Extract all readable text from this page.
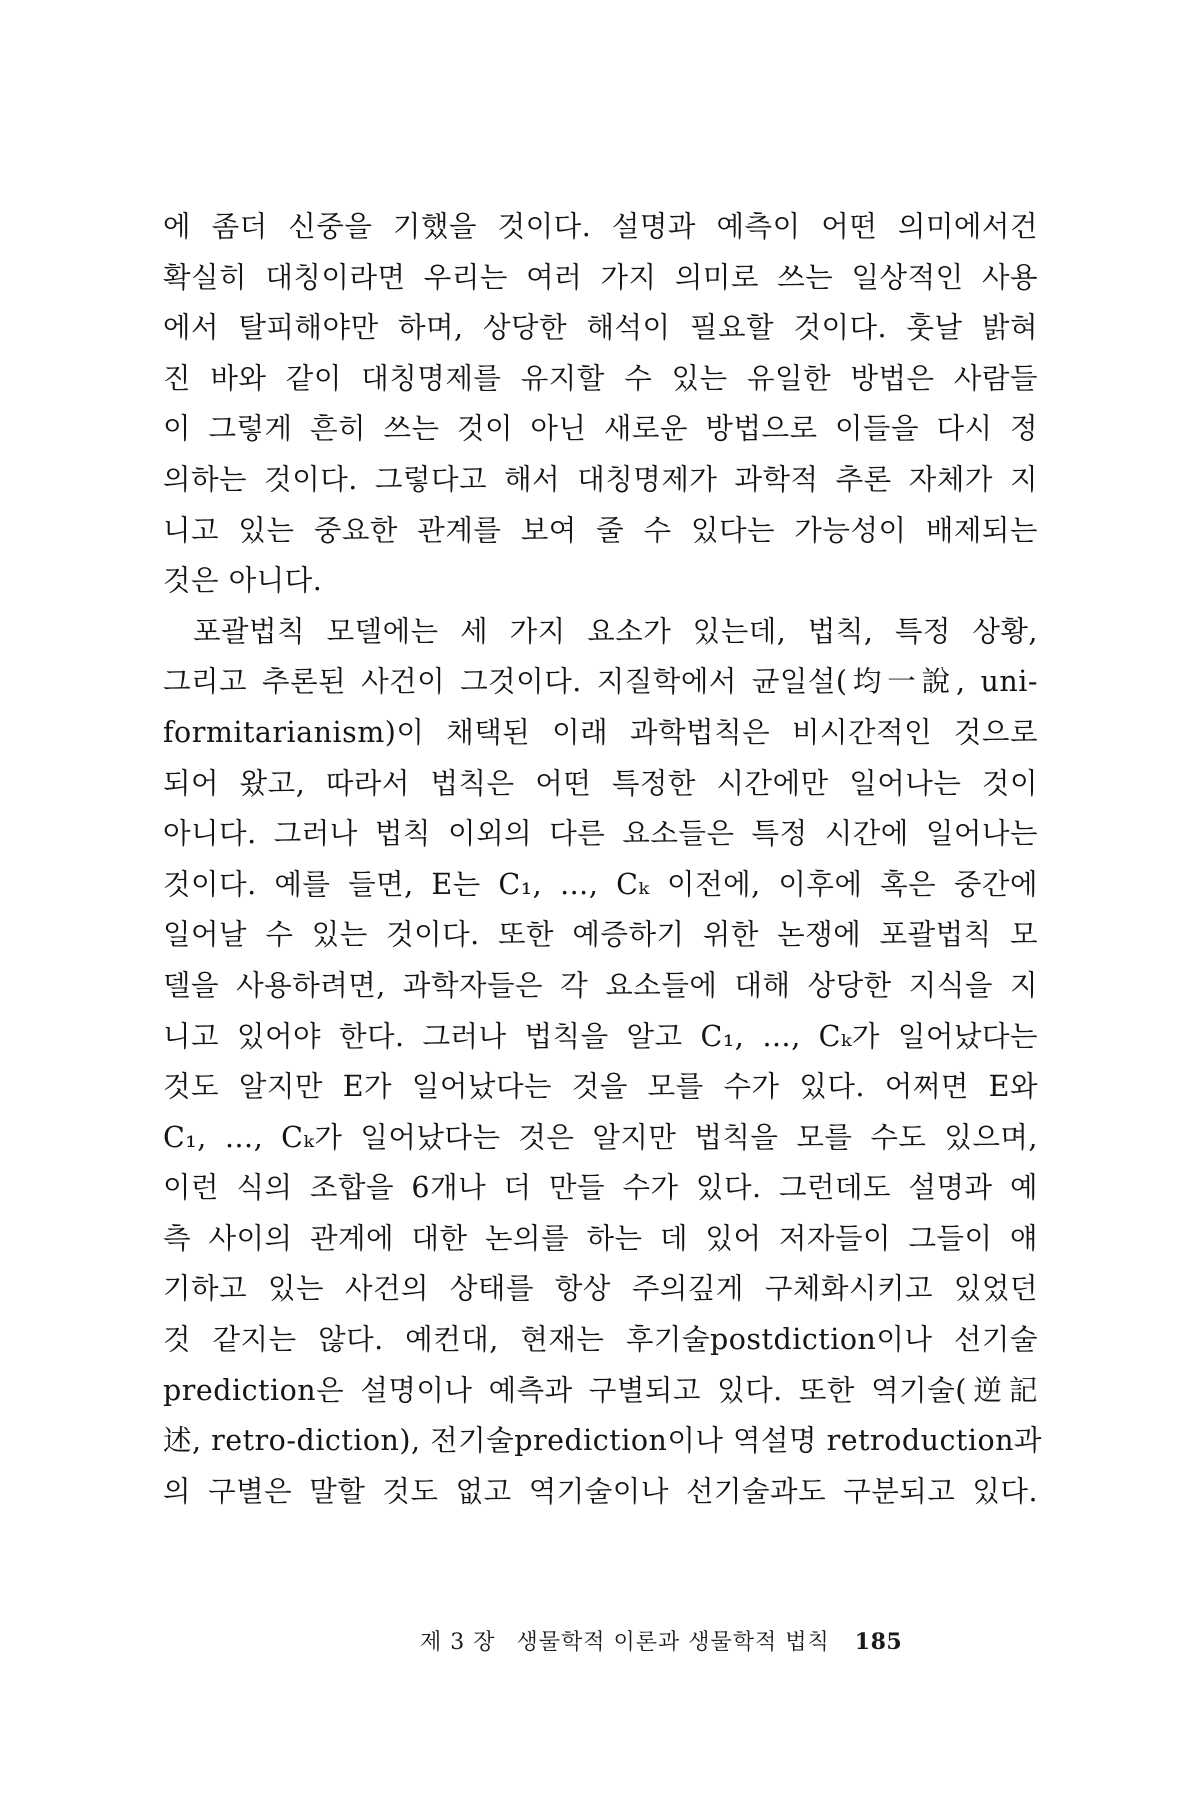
에 좀더 신중을 기했을 것이다. 설명과 예측이 어떤 의미에서건
확실히 대칭이라면 우리는 여러 가지 의미로 쓰는 일상적인 사용
에서 탈피해야만 하며, 상당한 해석이 필요할 것이다. 훗날 밝혀
진 바와 같이 대칭명제를 유지할 수 있는 유일한 방법은 사람들
이 그렇게 흔히 쓰는 것이 아닌 새로운 방법으로 이들을 다시 정
의하는 것이다. 그렇다고 해서 대칭명제가 과학적 추론 자체가 지
니고 있는 중요한 관계를 보여 줄 수 있다는 가능성이 배제되는
것은 아니다.
포괄법칙 모델에는 세 가지 요소가 있는데, 법칙, 특정 상황,
그리고 추론된 사건이 그것이다. 지질학에서 균일설(均一說, uni-
formitarianism)이 채택된 이래 과학법칙은 비시간적인 것으로
되어 왔고, 따라서 법칙은 어떤 특정한 시간에만 일어나는 것이
아니다. 그러나 법칙 이외의 다른 요소들은 특정 시간에 일어나는
것이다. 예를 들면, E는 C₁, …, Cₖ 이전에, 이후에 혹은 중간에
일어날 수 있는 것이다. 또한 예증하기 위한 논쟁에 포괄법칙 모
델을 사용하려면, 과학자들은 각 요소들에 대해 상당한 지식을 지
니고 있어야 한다. 그러나 법칙을 알고 C₁, …, Cₖ가 일어났다는
것도 알지만 E가 일어났다는 것을 모를 수가 있다. 어쩌면 E와
C₁, …, Cₖ가 일어났다는 것은 알지만 법칙을 모를 수도 있으며,
이런 식의 조합을 6개나 더 만들 수가 있다. 그런데도 설명과 예
측 사이의 관계에 대한 논의를 하는 데 있어 저자들이 그들이 얘
기하고 있는 사건의 상태를 항상 주의깊게 구체화시키고 있었던
것 같지는 않다. 예컨대, 현재는 후기술postdiction이나 선기술
prediction은 설명이나 예측과 구별되고 있다. 또한 역기술(逆記
述, retro-diction), 전기술prediction이나 역설명 retroduction과
의 구별은 말할 것도 없고 역기술이나 선기술과도 구분되고 있다.
제 3 장 생물학적 이론과 생물학적 법칙 185
